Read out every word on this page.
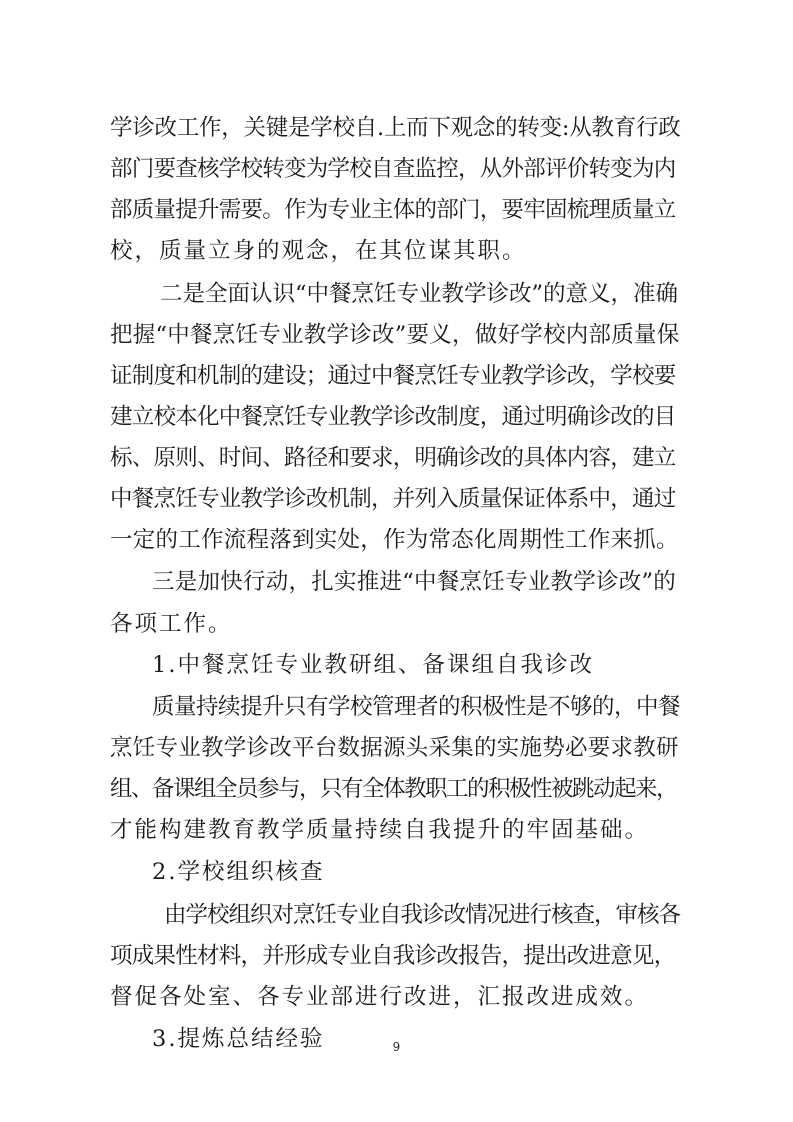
学诊改工作，关键是学校自.上而下观念的转变:从教育行政
部门要查核学校转变为学校自查监控，从外部评价转变为内
部质量提升需要。作为专业主体的部门，要牢固梳理质量立
校，质量立身的观念，在其位谋其职。
二是全面认识“中餐烹饪专业教学诊改”的意义，准确
把握“中餐烹饪专业教学诊改”要义，做好学校内部质量保
证制度和机制的建设；通过中餐烹饪专业教学诊改，学校要
建立校本化中餐烹饪专业教学诊改制度，通过明确诊改的目
标、原则、时间、路径和要求，明确诊改的具体内容，建立
中餐烹饪专业教学诊改机制，并列入质量保证体系中，通过
一定的工作流程落到实处，作为常态化周期性工作来抓。
三是加快行动，扎实推进“中餐烹饪专业教学诊改”的
各项工作。
1.中餐烹饪专业教研组、备课组自我诊改
质量持续提升只有学校管理者的积极性是不够的，中餐
烹饪专业教学诊改平台数据源头采集的实施势必要求教研
组、备课组全员参与，只有全体教职工的积极性被跳动起来，
才能构建教育教学质量持续自我提升的牢固基础。
2.学校组织核查
由学校组织对烹饪专业自我诊改情况进行核查，审核各
项成果性材料，并形成专业自我诊改报告，提出改进意见，
督促各处室、各专业部进行改进，汇报改进成效。
3.提炼总结经验	9
